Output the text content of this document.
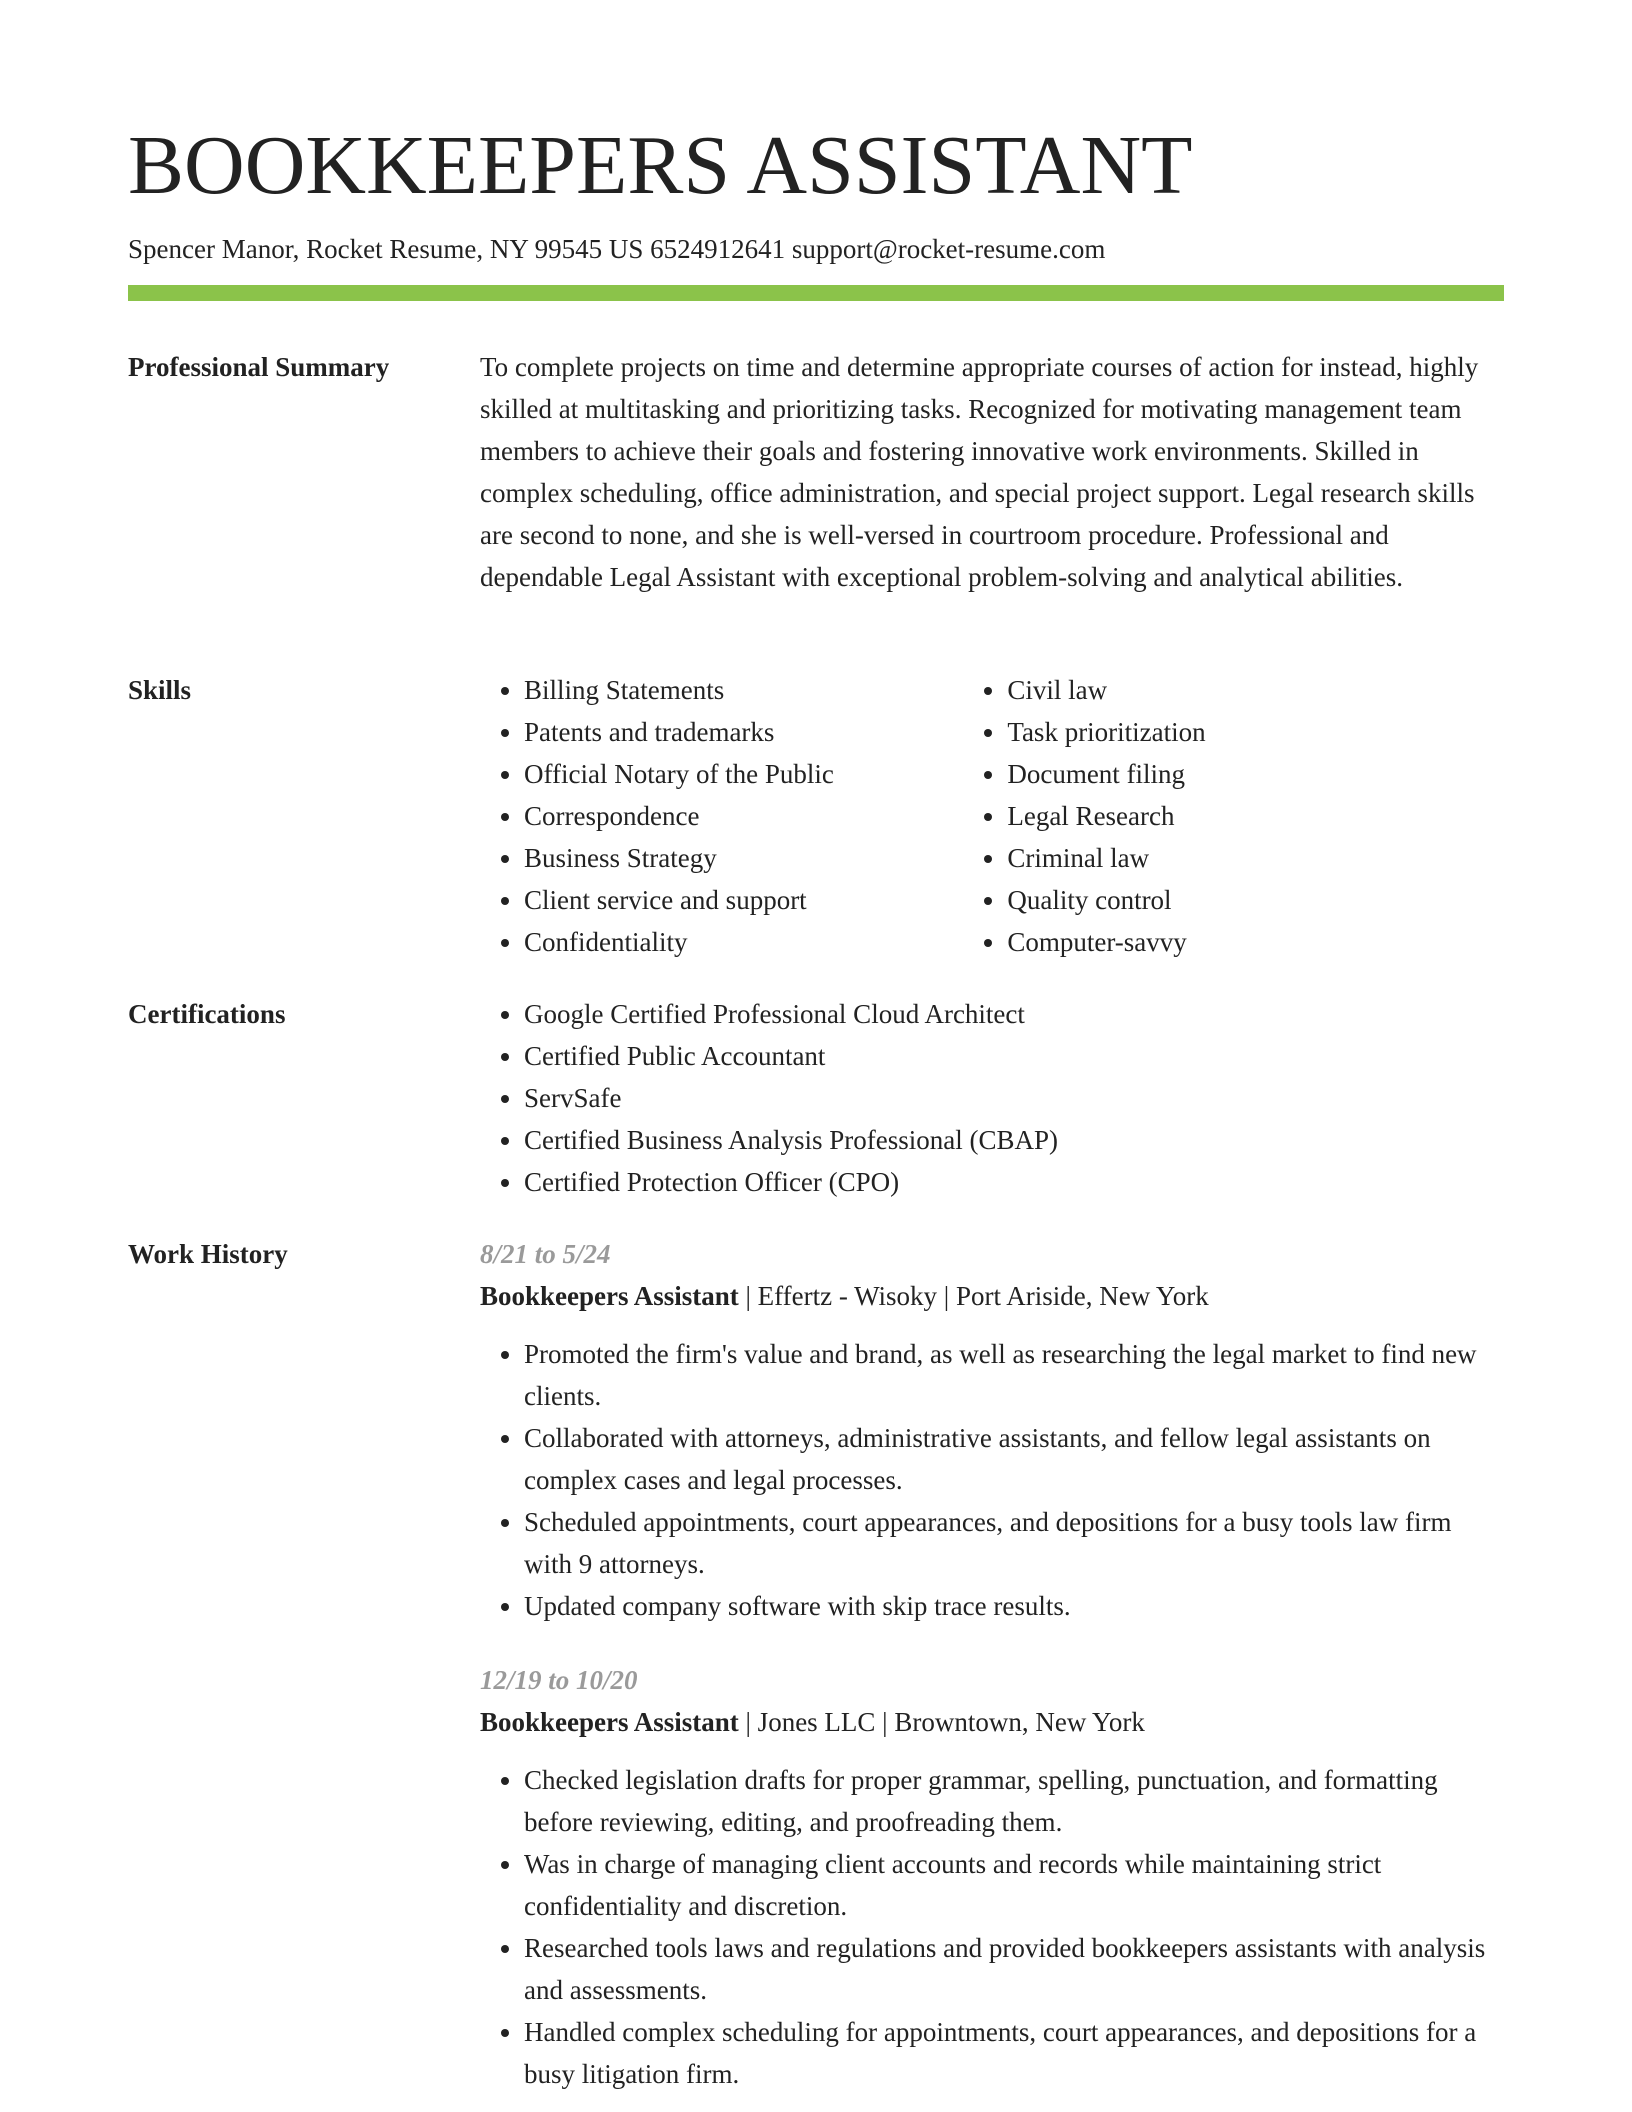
BOOKKEEPERS ASSISTANT

Spencer Manor, Rocket Resume, NY 99545 US 6524912641 support@rocket-resume.com

Professional Summary	To complete projects on time and determine appropriate courses of action for instead, highly skilled at multitasking and prioritizing tasks. Recognized for motivating management team members to achieve their goals and fostering innovative work environments. Skilled in complex scheduling, office administration, and special project support. Legal research skills are second to none, and she is well-versed in courtroom procedure. Professional and dependable Legal Assistant with exceptional problem-solving and analytical abilities.

Skills	• Billing Statements
• Patents and trademarks
• Official Notary of the Public
• Correspondence
• Business Strategy
• Client service and support
• Confidentiality
• Civil law
• Task prioritization
• Document filing
• Legal Research
• Criminal law
• Quality control
• Computer-savvy
Certifications	• Google Certified Professional Cloud Architect
• Certified Public Accountant
• ServSafe
• Certified Business Analysis Professional (CBAP)
• Certified Protection Officer (CPO)
Work History	8/21 to 5/24
Bookkeepers Assistant | Effertz - Wisoky | Port Ariside, New York
• Promoted the firm's value and brand, as well as researching the legal market to find new clients.
• Collaborated with attorneys, administrative assistants, and fellow legal assistants on complex cases and legal processes.
• Scheduled appointments, court appearances, and depositions for a busy tools law firm with 9 attorneys.
• Updated company software with skip trace results.
12/19 to 10/20
Bookkeepers Assistant | Jones LLC | Browntown, New York
• Checked legislation drafts for proper grammar, spelling, punctuation, and formatting before reviewing, editing, and proofreading them.
• Was in charge of managing client accounts and records while maintaining strict confidentiality and discretion.
• Researched tools laws and regulations and provided bookkeepers assistants with analysis and assessments.
• Handled complex scheduling for appointments, court appearances, and depositions for a busy litigation firm.
